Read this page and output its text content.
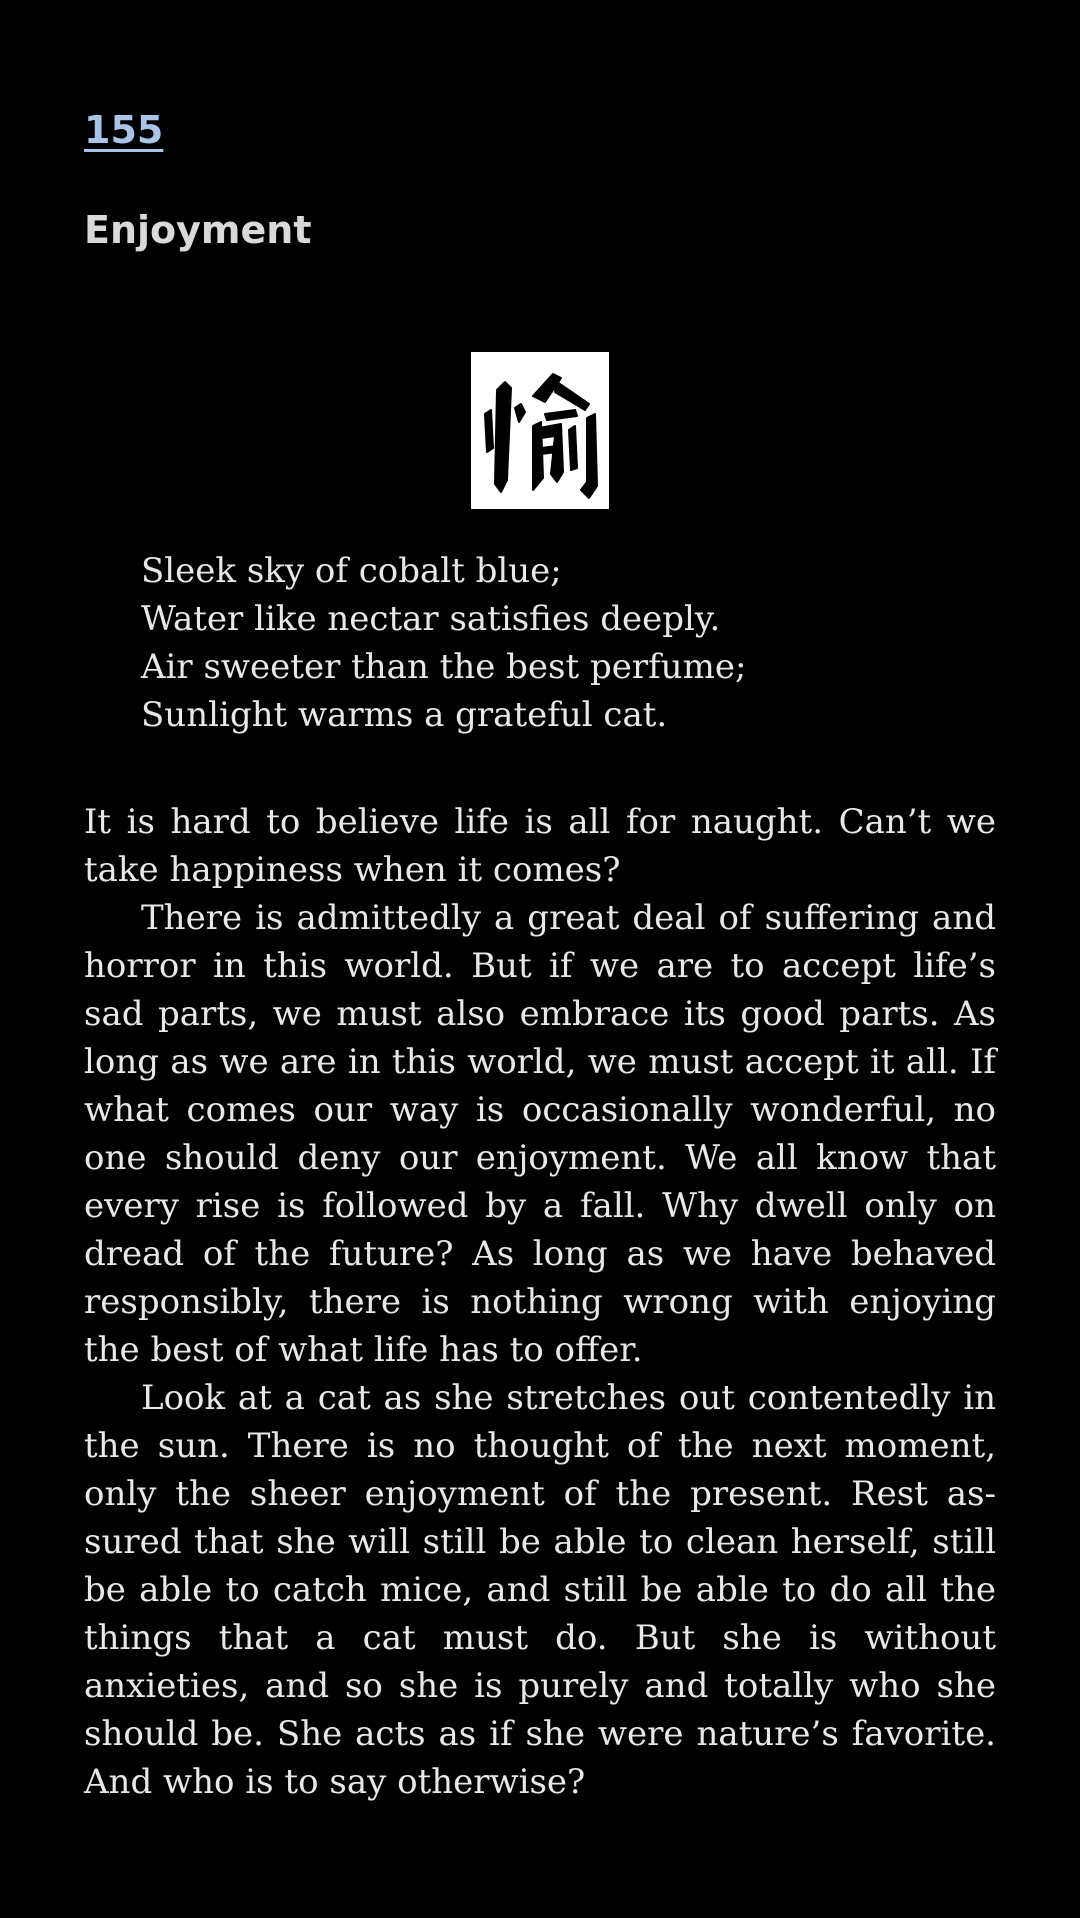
155
Enjoyment
Sleek sky of cobalt blue;
Water like nectar satisfies deeply.
Air sweeter than the best perfume;
Sunlight warms a grateful cat.

It is hard to believe life is all for naught. Can’t we take happiness when it comes?

There is admittedly a great deal of suffering and horror in this world. But if we are to accept life’s sad parts, we must also embrace its good parts. As long as we are in this world, we must accept it all. If what comes our way is occasionally wonderful, no one should deny our enjoyment. We all know that every rise is followed by a fall. Why dwell only on dread of the future? As long as we have behaved responsibly, there is nothing wrong with enjoying the best of what life has to offer.

Look at a cat as she stretches out contentedly in the sun. There is no thought of the next moment, only the sheer enjoyment of the present. Rest assured that she will still be able to clean herself, still be able to catch mice, and still be able to do all the things that a cat must do. But she is without anxieties, and so she is purely and totally who she should be. She acts as if she were nature’s favorite. And who is to say otherwise?
